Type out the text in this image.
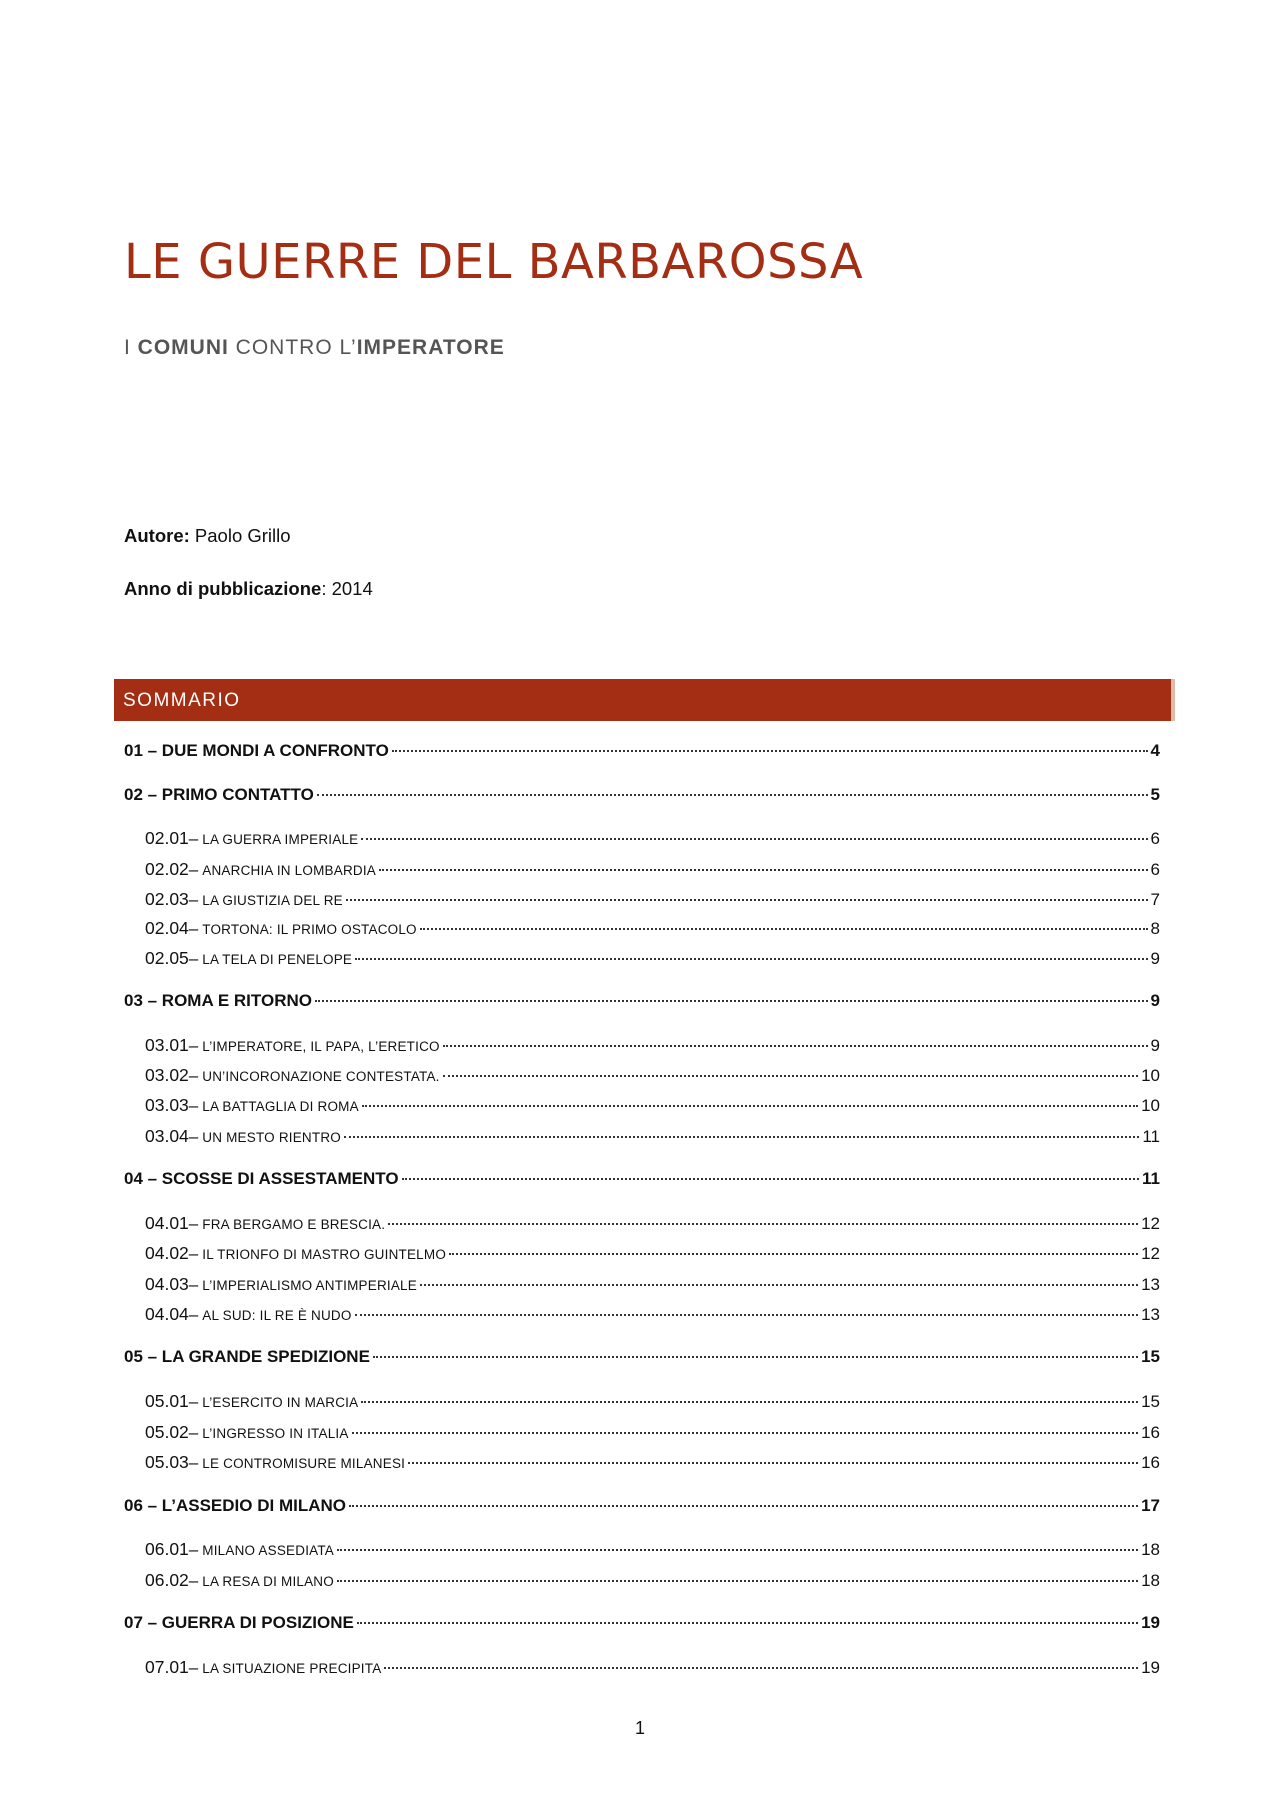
LE GUERRE DEL BARBAROSSA
I COMUNI CONTRO L’IMPERATORE
Autore: Paolo Grillo
Anno di pubblicazione: 2014
SOMMARIO
01 – DUE MONDI A CONFRONTO	4
02 – PRIMO CONTATTO	5
02.01 – LA GUERRA IMPERIALE	6
02.02 – ANARCHIA IN LOMBARDIA	6
02.03 – LA GIUSTIZIA DEL RE	7
02.04 – TORTONA: IL PRIMO OSTACOLO	8
02.05 – LA TELA DI PENELOPE	9
03 – ROMA E RITORNO	9
03.01 – L’IMPERATORE, IL PAPA, L’ERETICO	9
03.02 – UN’INCORONAZIONE CONTESTATA.	10
03.03 – LA BATTAGLIA DI ROMA	10
03.04 – UN MESTO RIENTRO	11
04 – SCOSSE DI ASSESTAMENTO	11
04.01 – FRA BERGAMO E BRESCIA.	12
04.02 – IL TRIONFO DI MASTRO GUINTELMO	12
04.03 – L’IMPERIALISMO ANTIMPERIALE	13
04.04 – AL SUD: IL RE È NUDO	13
05 – LA GRANDE SPEDIZIONE	15
05.01 – L’ESERCITO IN MARCIA	15
05.02 – L’INGRESSO IN ITALIA	16
05.03 – LE CONTROMISURE MILANESI	16
06 – L’ASSEDIO DI MILANO	17
06.01 – MILANO ASSEDIATA	18
06.02 – LA RESA DI MILANO	18
07 – GUERRA DI POSIZIONE	19
07.01 – LA SITUAZIONE PRECIPITA	19
1
